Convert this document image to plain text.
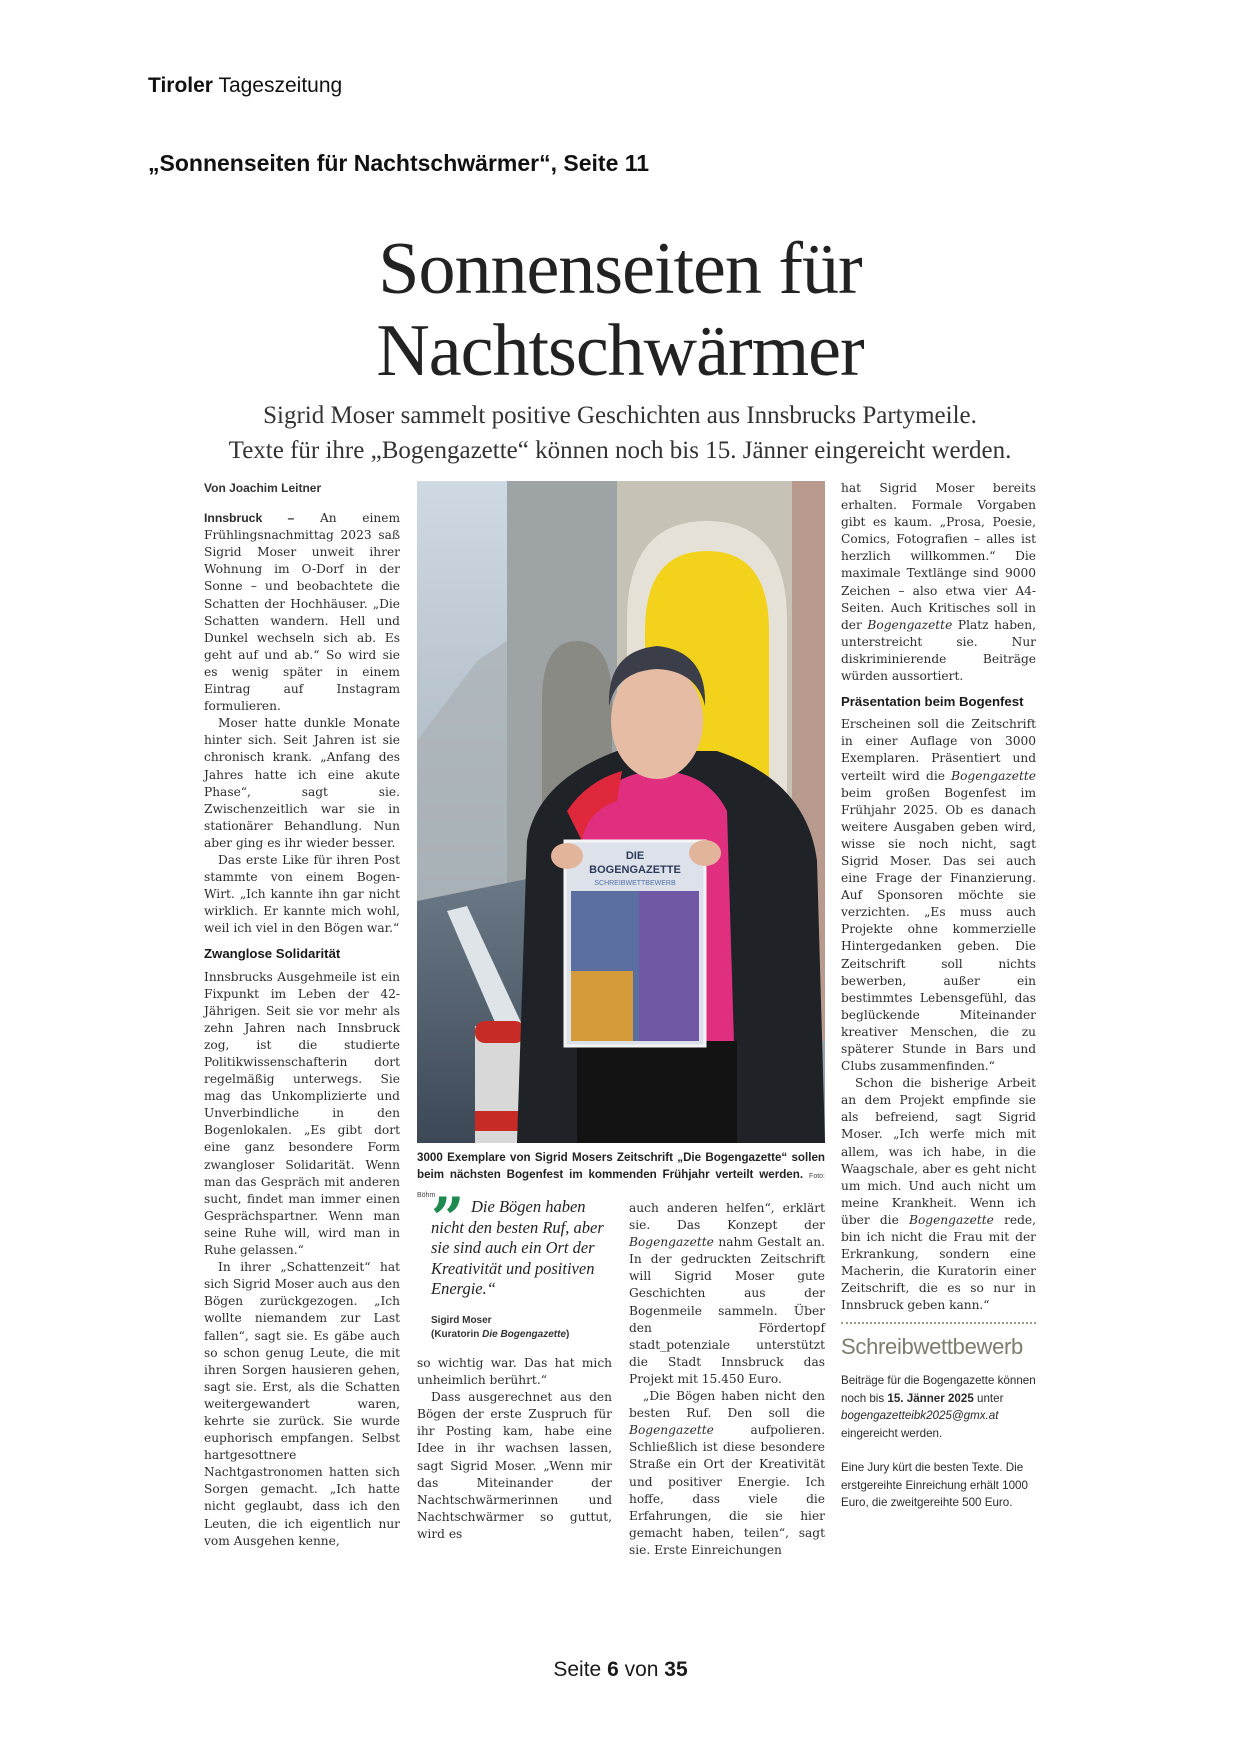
Tiroler Tageszeitung
„Sonnenseiten für Nachtschwärmer“, Seite 11
Sonnenseiten für
Nachtschwärmer
Sigrid Moser sammelt positive Geschichten aus Innsbrucks Partymeile.
Texte für ihre „Bogengazette“ können noch bis 15. Jänner eingereicht werden.
Von Joachim Leitner

Innsbruck – An einem Frühlingsnachmittag 2023 saß Sigrid Moser unweit ihrer Wohnung im O-Dorf in der Sonne – und beobachtete die Schatten der Hochhäuser. „Die Schatten wandern. Hell und Dunkel wechseln sich ab. Es geht auf und ab.“ So wird sie es wenig später in einem Eintrag auf Instagram formulieren.

Moser hatte dunkle Monate hinter sich. Seit Jahren ist sie chronisch krank. „Anfang des Jahres hatte ich eine akute Phase“, sagt sie. Zwischenzeitlich war sie in stationärer Behandlung. Nun aber ging es ihr wieder besser.

Das erste Like für ihren Post stammte von einem Bogen-Wirt. „Ich kannte ihn gar nicht wirklich. Er kannte mich wohl, weil ich viel in den Bögen war.“

Zwanglose Solidarität

Innsbrucks Ausgehmeile ist ein Fixpunkt im Leben der 42-Jährigen. Seit sie vor mehr als zehn Jahren nach Innsbruck zog, ist die studierte Politikwissenschafterin dort regelmäßig unterwegs. Sie mag das Unkomplizierte und Unverbindliche in den Bogenlokalen. „Es gibt dort eine ganz besondere Form zwangloser Solidarität. Wenn man das Gespräch mit anderen sucht, findet man immer einen Gesprächspartner. Wenn man seine Ruhe will, wird man in Ruhe gelassen.“

In ihrer „Schattenzeit“ hat sich Sigrid Moser auch aus den Bögen zurückgezogen. „Ich wollte niemandem zur Last fallen“, sagt sie. Es gäbe auch so schon genug Leute, die mit ihren Sorgen hausieren gehen, sagt sie. Erst, als die Schatten weitergewandert waren, kehrte sie zurück. Sie wurde euphorisch empfangen. Selbst hartgesottnere Nachtgastronomen hatten sich Sorgen gemacht. „Ich hatte nicht geglaubt, dass ich den Leuten, die ich eigentlich nur vom Ausgehen kenne,

DIE
BOGENGAZETTE
SCHREIBWETTBEWERB
3000 Exemplare von Sigrid Mosers Zeitschrift „Die Bogengazette“ sollen beim nächsten Bogenfest im kommenden Frühjahr verteilt werden. Foto: Böhm
” Die Bögen haben nicht den besten Ruf, aber sie sind auch ein Ort der Kreativität und positiven Energie.“
Sigird Moser
(Kuratorin Die Bogengazette)

so wichtig war. Das hat mich unheimlich berührt.“

Dass ausgerechnet aus den Bögen der erste Zuspruch für ihr Posting kam, habe eine Idee in ihr wachsen lassen, sagt Sigrid Moser. „Wenn mir das Miteinander der Nachtschwärmerinnen und Nachtschwärmer so guttut, wird es

auch anderen helfen“, erklärt sie. Das Konzept der Bogengazette nahm Gestalt an. In der gedruckten Zeitschrift will Sigrid Moser gute Geschichten aus der Bogenmeile sammeln. Über den Fördertopf stadt_potenziale unterstützt die Stadt Innsbruck das Projekt mit 15.450 Euro.

„Die Bögen haben nicht den besten Ruf. Den soll die Bogengazette aufpolieren. Schließlich ist diese besondere Straße ein Ort der Kreativität und positiver Energie. Ich hoffe, dass viele die Erfahrungen, die sie hier gemacht haben, teilen“, sagt sie. Erste Einreichungen

hat Sigrid Moser bereits erhalten. Formale Vorgaben gibt es kaum. „Prosa, Poesie, Comics, Fotografien – alles ist herzlich willkommen.“ Die maximale Textlänge sind 9000 Zeichen – also etwa vier A4-Seiten. Auch Kritisches soll in der Bogengazette Platz haben, unterstreicht sie. Nur diskriminierende Beiträge würden aussortiert.

Präsentation beim Bogenfest

Erscheinen soll die Zeitschrift in einer Auflage von 3000 Exemplaren. Präsentiert und verteilt wird die Bogengazette beim großen Bogenfest im Frühjahr 2025. Ob es danach weitere Ausgaben geben wird, wisse sie noch nicht, sagt Sigrid Moser. Das sei auch eine Frage der Finanzierung. Auf Sponsoren möchte sie verzichten. „Es muss auch Projekte ohne kommerzielle Hintergedanken geben. Die Zeitschrift soll nichts bewerben, außer ein bestimmtes Lebensgefühl, das beglückende Miteinander kreativer Menschen, die zu späterer Stunde in Bars und Clubs zusammenfinden.“

Schon die bisherige Arbeit an dem Projekt empfinde sie als befreiend, sagt Sigrid Moser. „Ich werfe mich mit allem, was ich habe, in die Waagschale, aber es geht nicht um mich. Und auch nicht um meine Krankheit. Wenn ich über die Bogengazette rede, bin ich nicht die Frau mit der Erkrankung, sondern eine Macherin, die Kuratorin einer Zeitschrift, die es so nur in Innsbruck geben kann.“

Schreibwettbewerb

Beiträge für die Bogengazette können noch bis 15. Jänner 2025 unter bogengazetteibk2025@gmx.at eingereicht werden.

Eine Jury kürt die besten Texte. Die erstgereihte Einreichung erhält 1000 Euro, die zweitgereihte 500 Euro.

Seite 6 von 35
